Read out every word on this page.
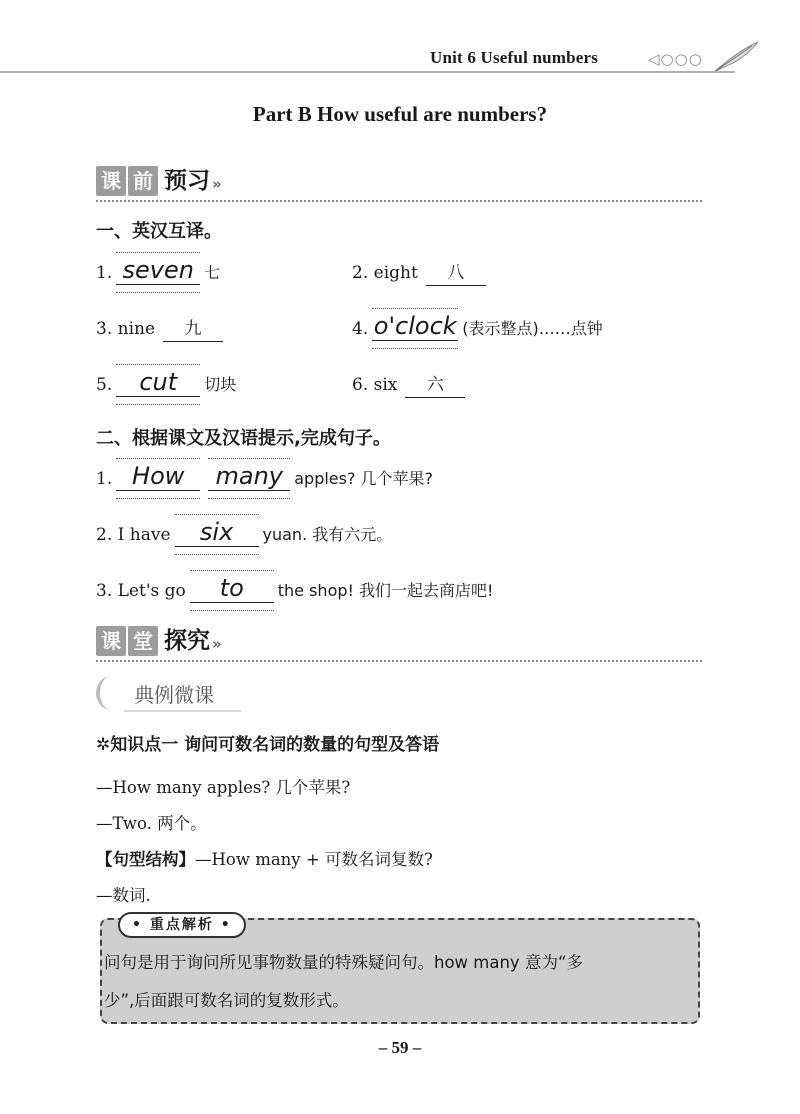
Unit 6 Useful numbers	◁○○○
Part B How useful are numbers?
课 前 预习 »
一、英汉互译。
1. seven 七	2. eight 八
3. nine 九	4. o'clock (表示整点)……点钟
5. cut 切块	6. six 六
二、根据课文及汉语提示,完成句子。
1. How many apples? 几个苹果?
2. I have six yuan. 我有六元。
3. Let's go to the shop! 我们一起去商店吧!
课 堂 探究 »
典例微课
✲知识点一 询问可数名词的数量的句型及答语
—How many apples? 几个苹果?
—Two. 两个。
【句型结构】—How many + 可数名词复数?
—数词.
• 重点解析 •
问句是用于询问所见事物数量的特殊疑问句。how many 意为“多
少”,后面跟可数名词的复数形式。
– 59 –
